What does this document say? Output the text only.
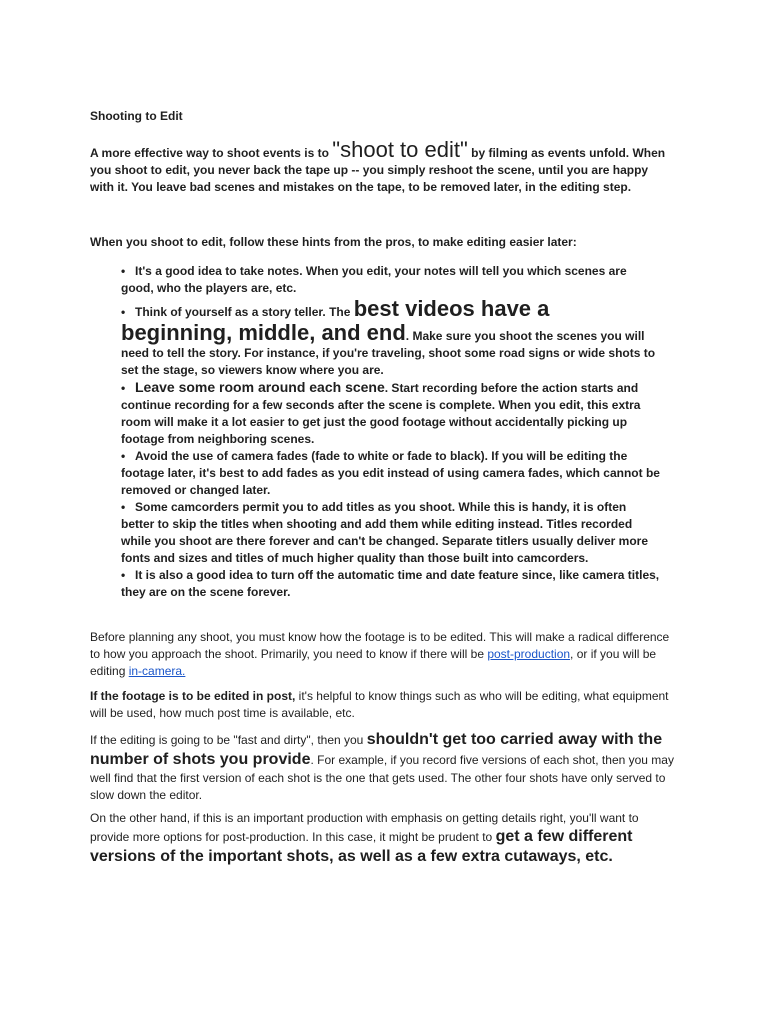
Shooting to Edit

A more effective way to shoot events is to "shoot to edit" by filming as events unfold. When you shoot to edit, you never back the tape up -- you simply reshoot the scene, until you are happy with it. You leave bad scenes and mistakes on the tape, to be removed later, in the editing step.

When you shoot to edit, follow these hints from the pros, to make editing easier later:

• It's a good idea to take notes. When you edit, your notes will tell you which scenes are good, who the players are, etc.
• Think of yourself as a story teller. The best videos have a beginning, middle, and end. Make sure you shoot the scenes you will need to tell the story. For instance, if you're traveling, shoot some road signs or wide shots to set the stage, so viewers know where you are.
• Leave some room around each scene. Start recording before the action starts and continue recording for a few seconds after the scene is complete. When you edit, this extra room will make it a lot easier to get just the good footage without accidentally picking up footage from neighboring scenes.
• Avoid the use of camera fades (fade to white or fade to black). If you will be editing the footage later, it's best to add fades as you edit instead of using camera fades, which cannot be removed or changed later.
• Some camcorders permit you to add titles as you shoot. While this is handy, it is often better to skip the titles when shooting and add them while editing instead. Titles recorded while you shoot are there forever and can't be changed. Separate titlers usually deliver more fonts and sizes and titles of much higher quality than those built into camcorders.
• It is also a good idea to turn off the automatic time and date feature since, like camera titles, they are on the scene forever.

Before planning any shoot, you must know how the footage is to be edited. This will make a radical difference to how you approach the shoot. Primarily, you need to know if there will be post-production, or if you will be editing in-camera.

If the footage is to be edited in post, it's helpful to know things such as who will be editing, what equipment will be used, how much post time is available, etc.

If the editing is going to be "fast and dirty", then you shouldn't get too carried away with the number of shots you provide. For example, if you record five versions of each shot, then you may well find that the first version of each shot is the one that gets used. The other four shots have only served to slow down the editor.

On the other hand, if this is an important production with emphasis on getting details right, you'll want to provide more options for post-production. In this case, it might be prudent to get a few different versions of the important shots, as well as a few extra cutaways, etc.
